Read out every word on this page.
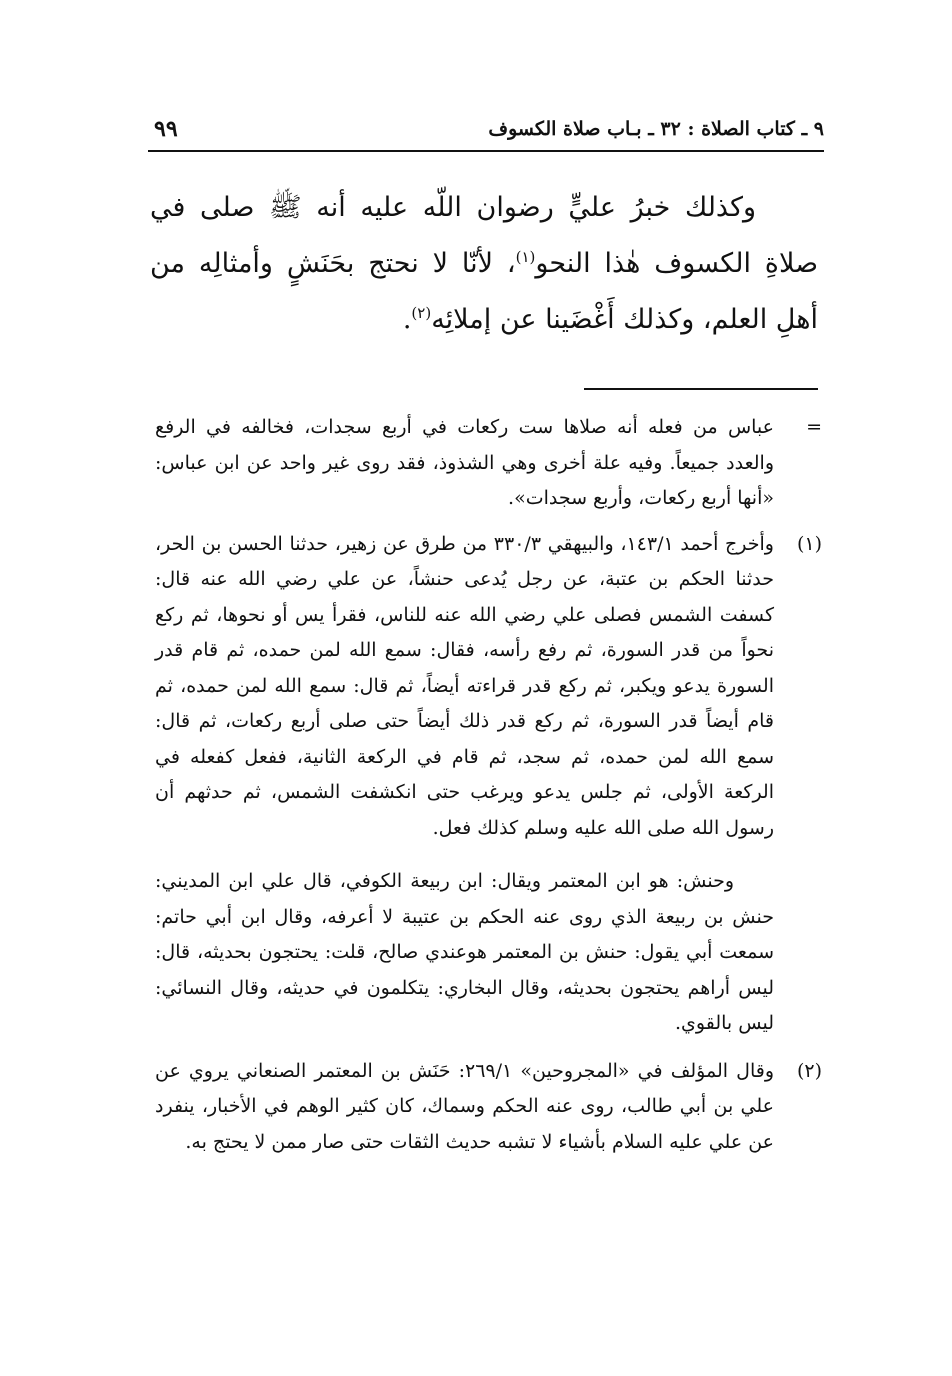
٩ ـ كتاب الصلاة : ٣٢ ـ بـاب صلاة الكسوف
٩٩

وكذلك خبرُ عليٍّ رضوان اللّه عليه أنه ﷺ صلى في صلاةِ الكسوف هٰذا النحو$^{(١)}$، لأنّا لا نحتج بحَنَشٍ وأمثالِه من أهلِ العلم، وكذلك أَغْضَينا عن إملائِه$^{(٢)}$.

=
عباس من فعله أنه صلاها ست ركعات في أربع سجدات، فخالفه في الرفع والعدد جميعاً. وفيه علة أخرى وهي الشذوذ، فقد روى غير واحد عن ابن عباس: «أنها أربع ركعات، وأربع سجدات».
(١)
وأخرج أحمد ١٤٣/١، والبيهقي ٣٣٠/٣ من طرق عن زهير، حدثنا الحسن بن الحر، حدثنا الحكم بن عتبة، عن رجل يُدعى حنشاً، عن علي رضي الله عنه قال: كسفت الشمس فصلى علي رضي الله عنه للناس، فقرأ يس أو نحوها، ثم ركع نحواً من قدر السورة، ثم رفع رأسه، فقال: سمع الله لمن حمده، ثم قام قدر السورة يدعو ويكبر، ثم ركع قدر قراءته أيضاً، ثم قال: سمع الله لمن حمده، ثم قام أيضاً قدر السورة، ثم ركع قدر ذلك أيضاً حتى صلى أربع ركعات، ثم قال: سمع الله لمن حمده، ثم سجد، ثم قام في الركعة الثانية، ففعل كفعله في الركعة الأولى، ثم جلس يدعو ويرغب حتى انكشفت الشمس، ثم حدثهم أن رسول الله صلى الله عليه وسلم كذلك فعل.
وحنش: هو ابن المعتمر ويقال: ابن ربيعة الكوفي، قال علي ابن المديني: حنش بن ربيعة الذي روى عنه الحكم بن عتيبة لا أعرفه، وقال ابن أبي حاتم: سمعت أبي يقول: حنش بن المعتمر هوعندي صالح، قلت: يحتجون بحديثه، قال: ليس أراهم يحتجون بحديثه، وقال البخاري: يتكلمون في حديثه، وقال النسائي: ليس بالقوي.
(٢)
وقال المؤلف في «المجروحين» ٢٦٩/١: حَنَش بن المعتمر الصنعاني يروي عن علي بن أبي طالب، روى عنه الحكم وسماك، كان كثير الوهم في الأخبار، ينفرد عن علي عليه السلام بأشياء لا تشبه حديث الثقات حتى صار ممن لا يحتج به.
